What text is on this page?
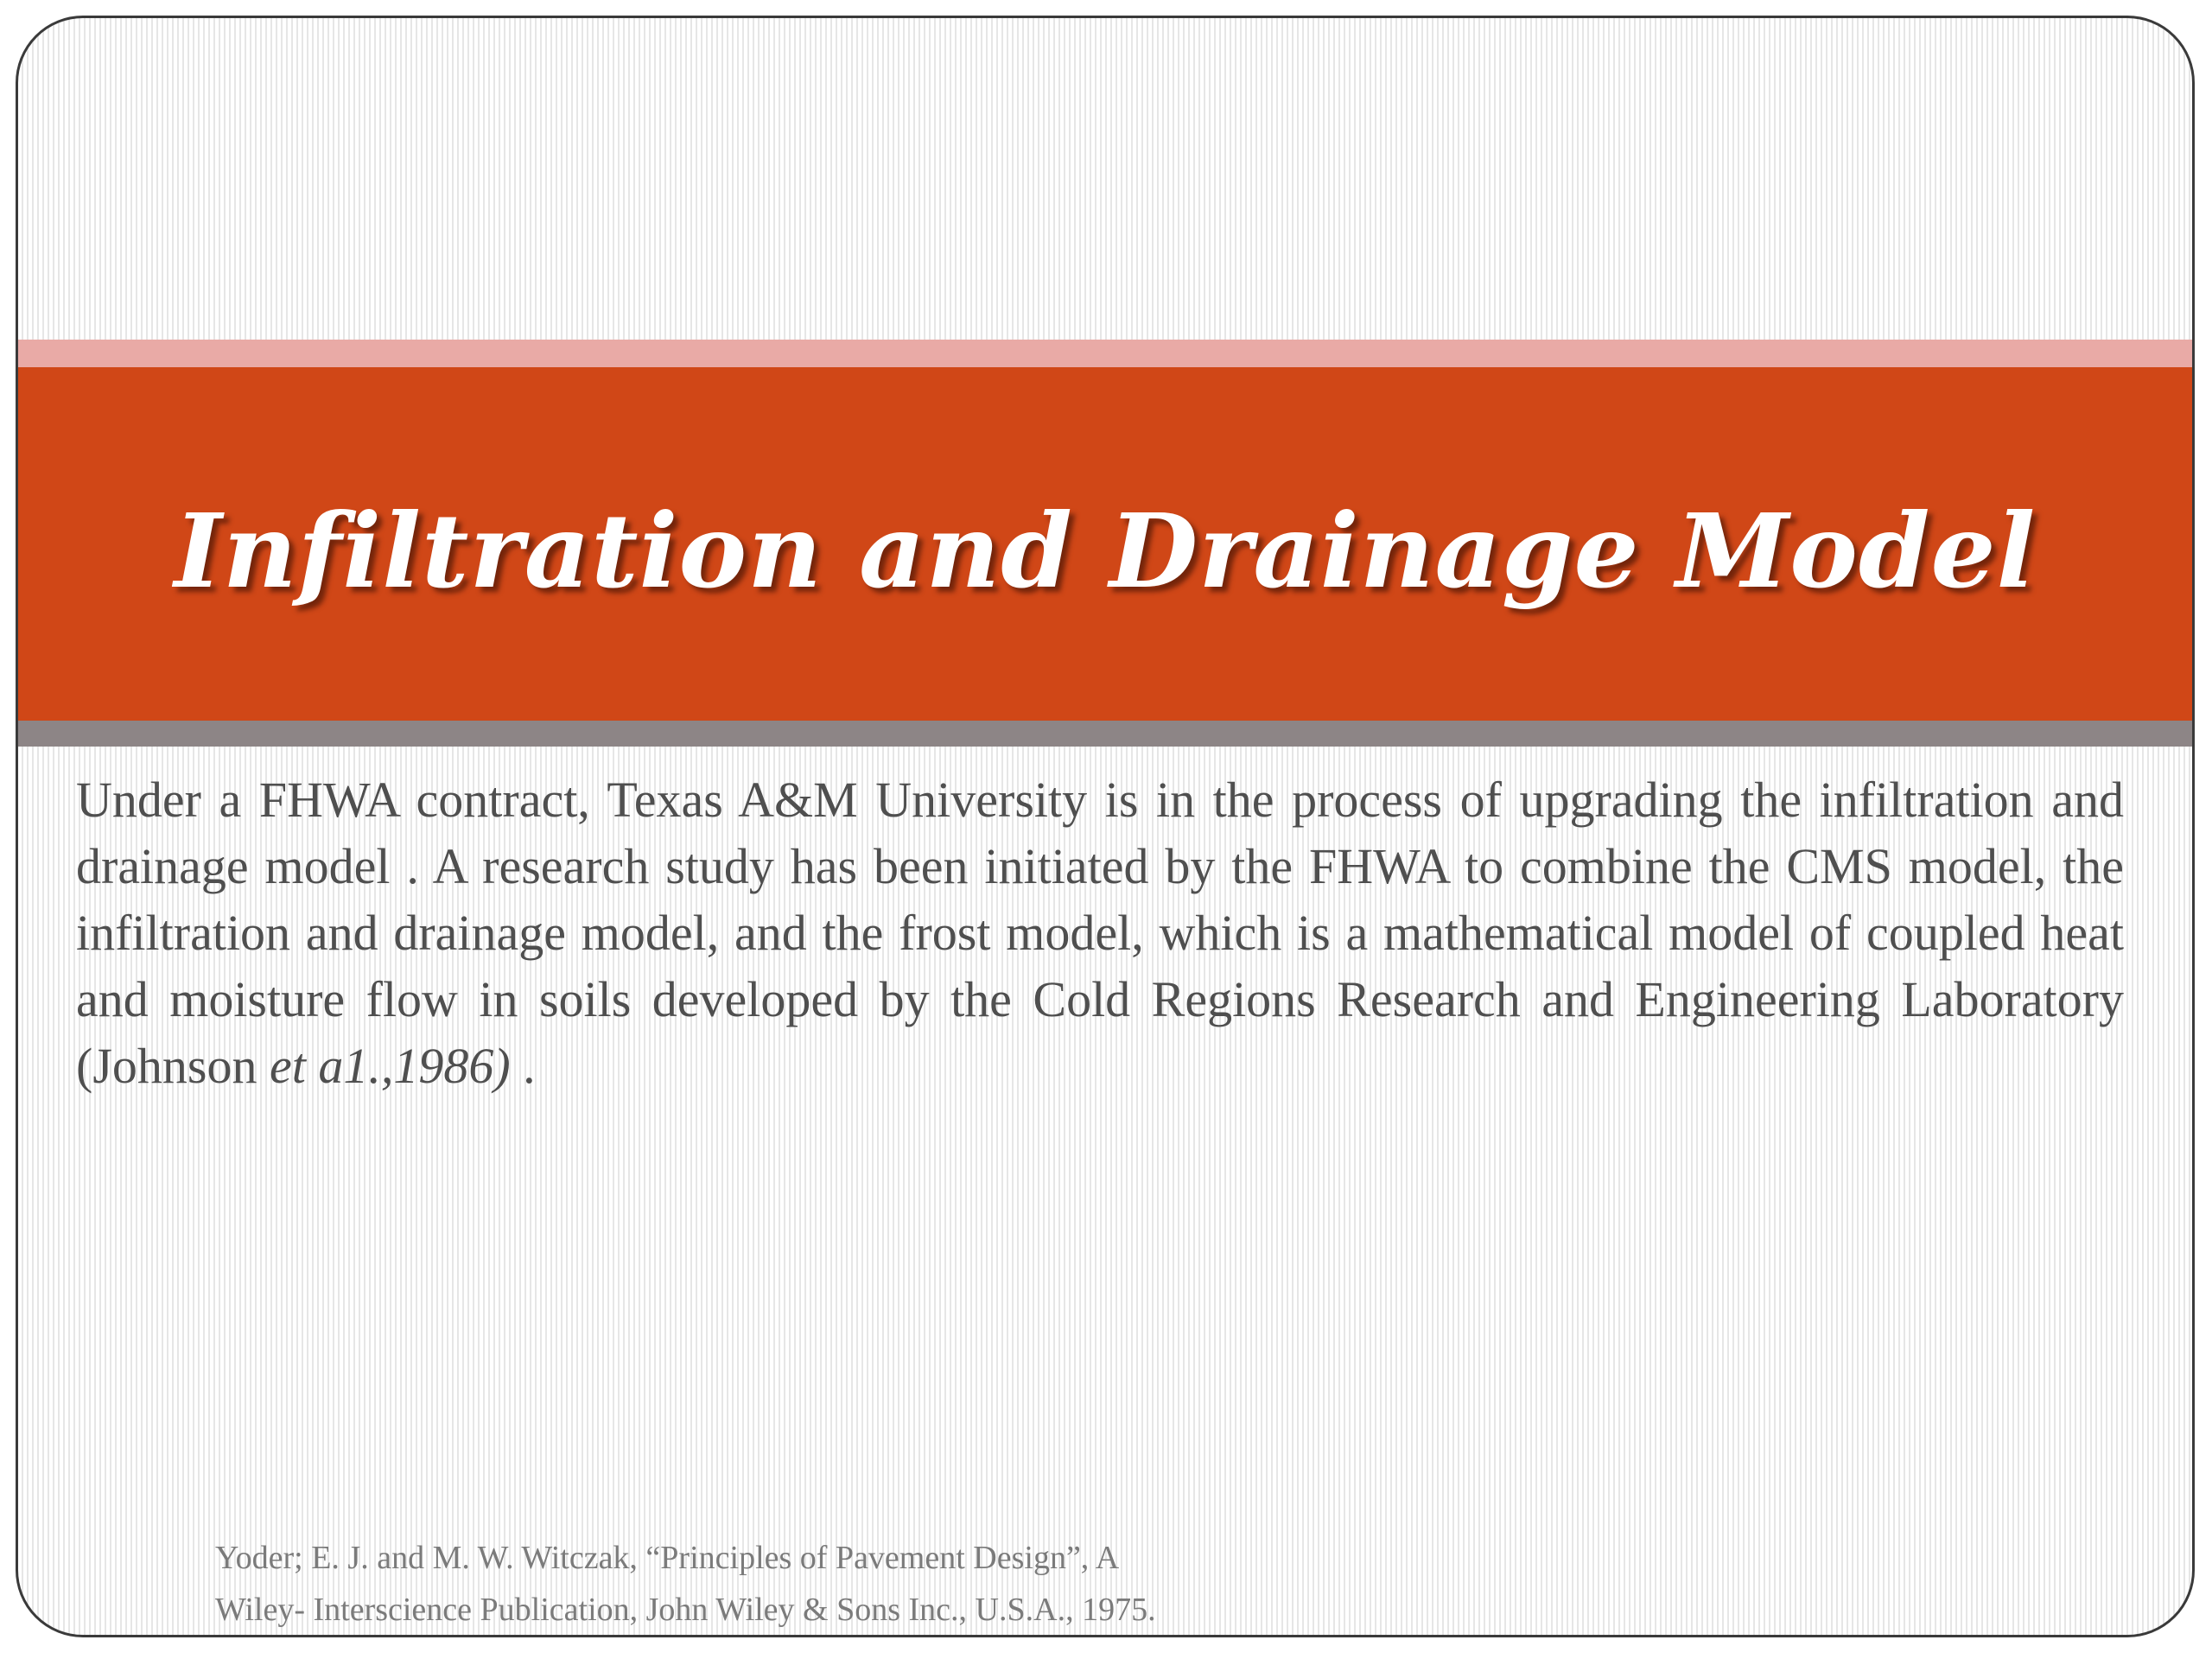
Infiltration and Drainage Model

Under a FHWA contract, Texas A&M University is in the process of upgrading the infiltration and drainage model . A research study has been initiated by the FHWA to combine the CMS model, the infiltration and drainage model, and the frost model, which is a mathematical model of coupled heat and moisture flow in soils developed by the Cold Regions Research and Engineering Laboratory (Johnson et a1.,1986) .

Yoder; E. J. and M. W. Witczak, “Principles of Pavement Design”, A
Wiley- Interscience Publication, John Wiley & Sons Inc., U.S.A., 1975.
